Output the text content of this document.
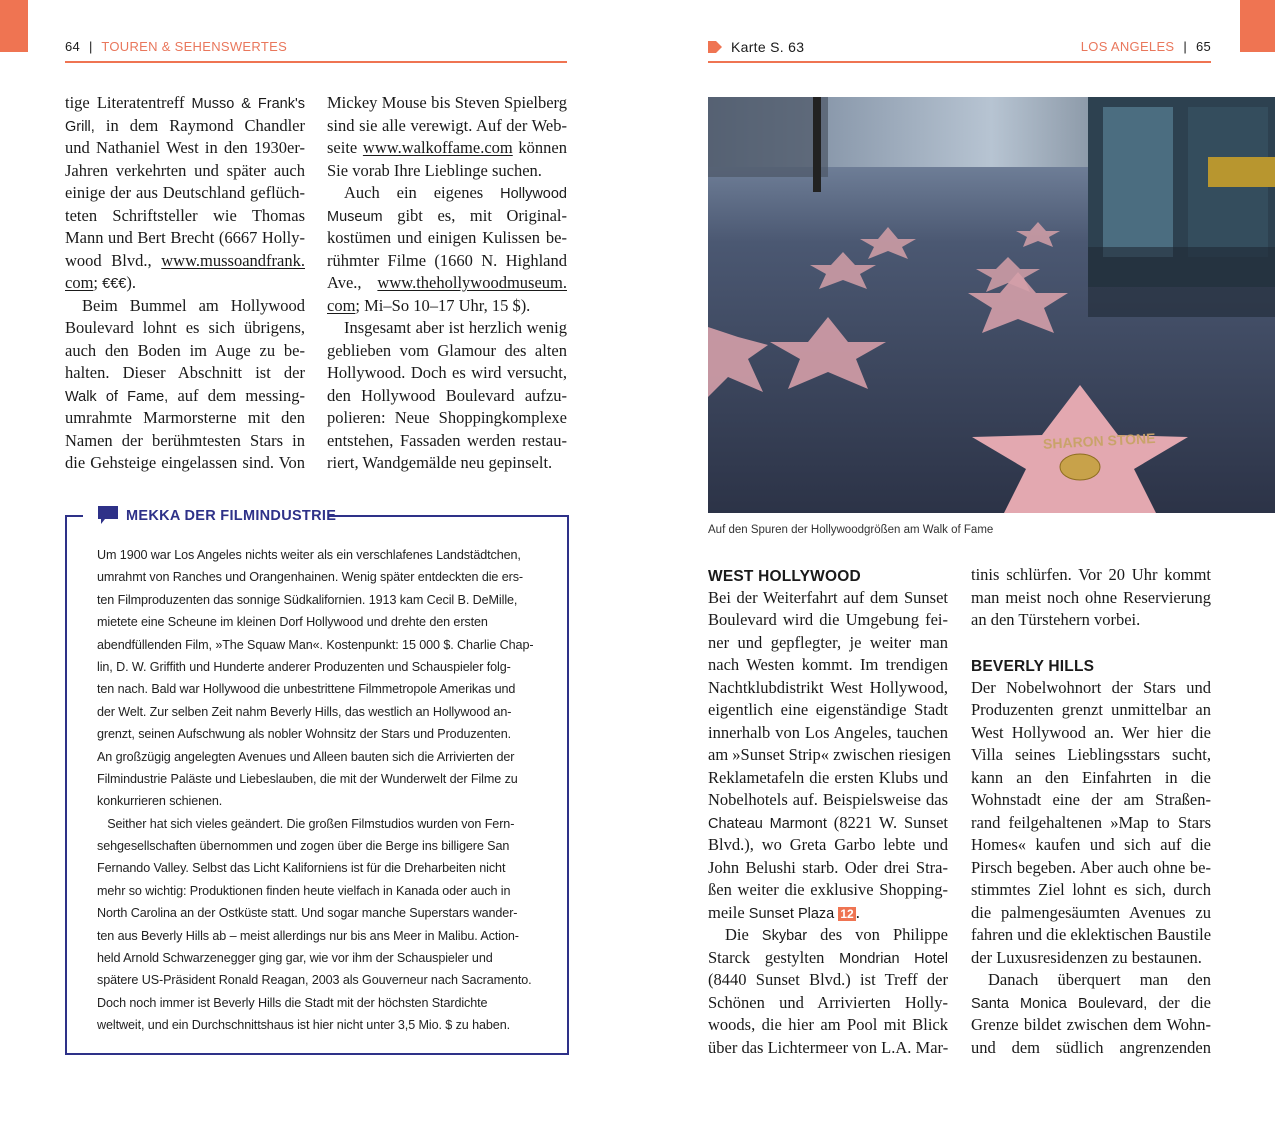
64 | TOUREN & SEHENSWERTES	Karte S. 63	LOS ANGELES | 65
tige Literatentreff Musso & Frank's
Grill, in dem Raymond Chandler
und Nathaniel West in den 1930er-
Jahren verkehrten und später auch
einige der aus Deutschland geflüch-
teten Schriftsteller wie Thomas
Mann und Bert Brecht (6667 Holly-
wood Blvd., www.mussoandfrank.
com; €€€).
Beim Bummel am Hollywood
Boulevard lohnt es sich übrigens,
auch den Boden im Auge zu be-
halten. Dieser Abschnitt ist der
Walk of Fame, auf dem messing-
umrahmte Marmorsterne mit den
Namen der berühmtesten Stars in
die Gehsteige eingelassen sind. Von
Mickey Mouse bis Steven Spielberg
sind sie alle verewigt. Auf der Web-
seite www.walkoffame.com können
Sie vorab Ihre Lieblinge suchen.
Auch ein eigenes Hollywood
Museum gibt es, mit Original-
kostümen und einigen Kulissen be-
rühmter Filme (1660 N. Highland
Ave., www.thehollywoodmuseum.
com; Mi–So 10–17 Uhr, 15 $).
Insgesamt aber ist herzlich wenig
geblieben vom Glamour des alten
Hollywood. Doch es wird versucht,
den Hollywood Boulevard aufzu-
polieren: Neue Shoppingkomplexe
entstehen, Fassaden werden restau-
riert, Wandgemälde neu gepinselt.
MEKKA DER FILMINDUSTRIE
Um 1900 war Los Angeles nichts weiter als ein verschlafenes Landstädtchen,
umrahmt von Ranches und Orangenhainen. Wenig später entdeckten die ers-
ten Filmproduzenten das sonnige Südkalifornien. 1913 kam Cecil B. DeMille,
mietete eine Scheune im kleinen Dorf Hollywood und drehte den ersten
abendfüllenden Film, »The Squaw Man«. Kostenpunkt: 15 000 $. Charlie Chap-
lin, D. W. Griffith und Hunderte anderer Produzenten und Schauspieler folg-
ten nach. Bald war Hollywood die unbestrittene Filmmetropole Amerikas und
der Welt. Zur selben Zeit nahm Beverly Hills, das westlich an Hollywood an-
grenzt, seinen Aufschwung als nobler Wohnsitz der Stars und Produzenten.
An großzügig angelegten Avenues und Alleen bauten sich die Arrivierten der
Filmindustrie Paläste und Liebeslauben, die mit der Wunderwelt der Filme zu
konkurrieren schienen.
Seither hat sich vieles geändert. Die großen Filmstudios wurden von Fern-
sehgesellschaften übernommen und zogen über die Berge ins billigere San
Fernando Valley. Selbst das Licht Kaliforniens ist für die Dreharbeiten nicht
mehr so wichtig: Produktionen finden heute vielfach in Kanada oder auch in
North Carolina an der Ostküste statt. Und sogar manche Superstars wander-
ten aus Beverly Hills ab – meist allerdings nur bis ans Meer in Malibu. Action-
held Arnold Schwarzenegger ging gar, wie vor ihm der Schauspieler und
spätere US-Präsident Ronald Reagan, 2003 als Gouverneur nach Sacramento.
Doch noch immer ist Beverly Hills die Stadt mit der höchsten Stardichte
weltweit, und ein Durchschnittshaus ist hier nicht unter 3,5 Mio. $ zu haben.
SHARON STONE
Auf den Spuren der Hollywoodgrößen am Walk of Fame
WEST HOLLYWOOD
Bei der Weiterfahrt auf dem Sunset
Boulevard wird die Umgebung fei-
ner und gepflegter, je weiter man
nach Westen kommt. Im trendigen
Nachtklubdistrikt West Hollywood,
eigentlich eine eigenständige Stadt
innerhalb von Los Angeles, tauchen
am »Sunset Strip« zwischen riesigen
Reklametafeln die ersten Klubs und
Nobelhotels auf. Beispielsweise das
Chateau Marmont (8221 W. Sunset
Blvd.), wo Greta Garbo lebte und
John Belushi starb. Oder drei Stra-
ßen weiter die exklusive Shopping-
meile Sunset Plaza 12 .
Die Skybar des von Philippe
Starck gestylten Mondrian Hotel
(8440 Sunset Blvd.) ist Treff der
Schönen und Arrivierten Holly-
woods, die hier am Pool mit Blick
über das Lichtermeer von L.A. Mar-
tinis schlürfen. Vor 20 Uhr kommt
man meist noch ohne Reservierung
an den Türstehern vorbei.
BEVERLY HILLS
Der Nobelwohnort der Stars und
Produzenten grenzt unmittelbar an
West Hollywood an. Wer hier die
Villa seines Lieblingsstars sucht,
kann an den Einfahrten in die
Wohnstadt eine der am Straßen-
rand feilgehaltenen »Map to Stars
Homes« kaufen und sich auf die
Pirsch begeben. Aber auch ohne be-
stimmtes Ziel lohnt es sich, durch
die palmengesäumten Avenues zu
fahren und die eklektischen Baustile
der Luxusresidenzen zu bestaunen.
Danach überquert man den
Santa Monica Boulevard, der die
Grenze bildet zwischen dem Wohn-
und dem südlich angrenzenden
